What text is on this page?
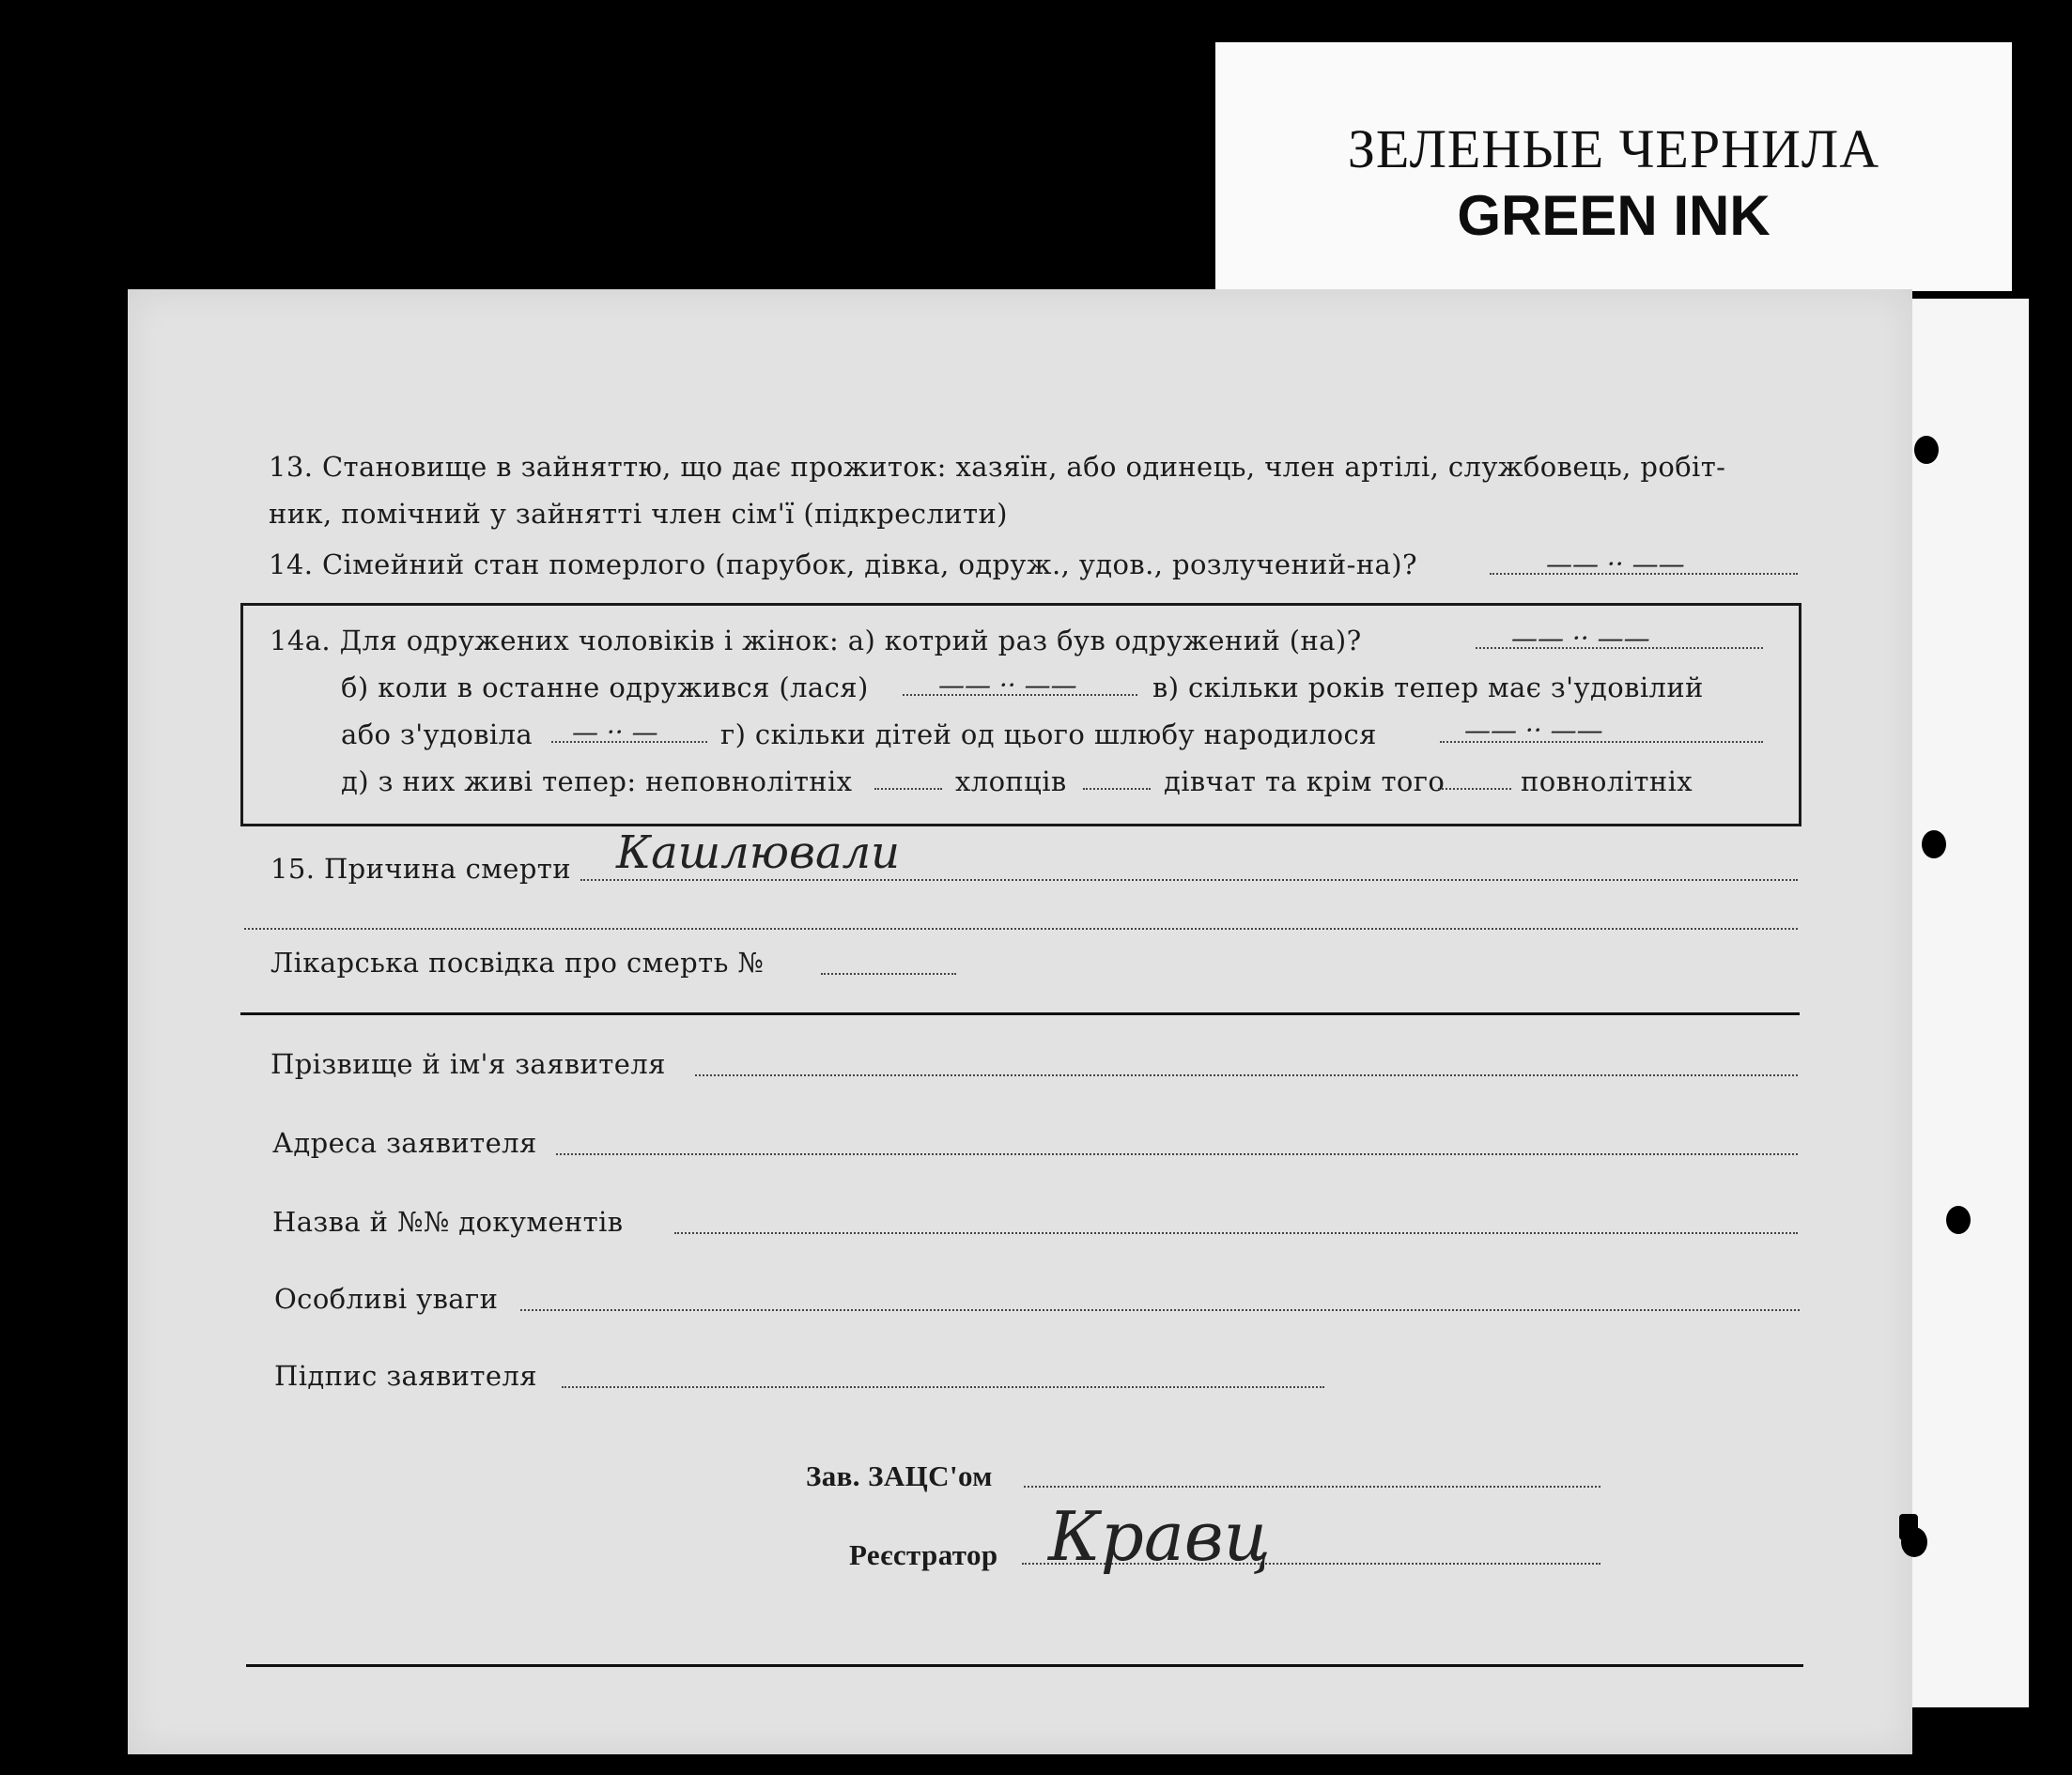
ЗЕЛЕНЫЕ ЧЕРНИЛА
GREEN INK
13. Становище в зайняттю, що дає прожиток: хазяїн, або одинець, член артілі, службовець, робіт-
ник, помічний у зайнятті член сім'ї (підкреслити)
14. Сімейний стан померлого (парубок, дівка, одруж., удов., розлучений-на)?	—— ·· ——
14а. Для одружених чоловіків і жінок: а) котрий раз був одружений (на)?	—— ·· ——
б) коли в останне одружився (лася)	—— ·· ——	в) скільки років тепер має з'удовілий
або з'удовіла — ·· — г) скільки дітей од цього шлюбу народилося	—— ·· ——
д) з них живі тепер: неповнолітніх	хлопців	дівчат та крім того	повнолітніх
15. Причина смерти Кашлювали
Лікарська посвідка про смерть №
Прізвище й ім'я заявителя
Адреса заявителя
Назва й №№ документів
Особливі уваги
Підпис заявителя
Зав. ЗАЦС'ом
Реєстратор Кравц
